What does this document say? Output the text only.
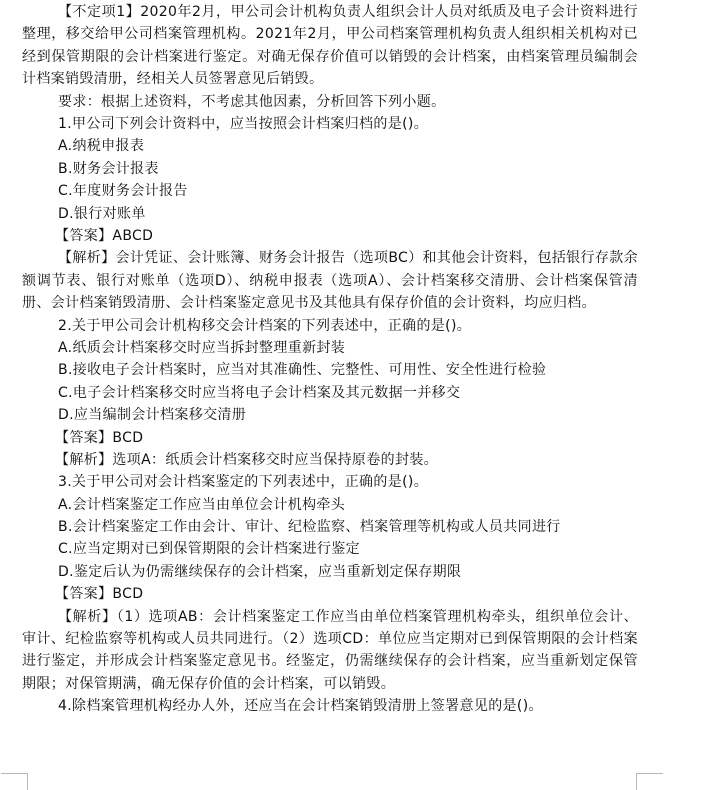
【不定项1】2020年2月，甲公司会计机构负责人组织会计人员对纸质及电子会计资料进行整理，移交给甲公司档案管理机构。2021年2月，甲公司档案管理机构负责人组织相关机构对已经到保管期限的会计档案进行鉴定。对确无保存价值可以销毁的会计档案，由档案管理员编制会计档案销毁清册，经相关人员签署意见后销毁。

要求：根据上述资料，不考虑其他因素，分析回答下列小题。
1.甲公司下列会计资料中，应当按照会计档案归档的是()。
A.纳税申报表
B.财务会计报表
C.年度财务会计报告
D.银行对账单
【答案】ABCD

【解析】会计凭证、会计账簿、财务会计报告（选项BC）和其他会计资料，包括银行存款余额调节表、银行对账单（选项D）、纳税申报表（选项A）、会计档案移交清册、会计档案保管清册、会计档案销毁清册、会计档案鉴定意见书及其他具有保存价值的会计资料，均应归档。

2.关于甲公司会计机构移交会计档案的下列表述中，正确的是()。
A.纸质会计档案移交时应当拆封整理重新封装
B.接收电子会计档案时，应当对其准确性、完整性、可用性、安全性进行检验
C.电子会计档案移交时应当将电子会计档案及其元数据一并移交
D.应当编制会计档案移交清册
【答案】BCD
【解析】选项A：纸质会计档案移交时应当保持原卷的封装。
3.关于甲公司对会计档案鉴定的下列表述中，正确的是()。
A.会计档案鉴定工作应当由单位会计机构牵头
B.会计档案鉴定工作由会计、审计、纪检监察、档案管理等机构或人员共同进行
C.应当定期对已到保管期限的会计档案进行鉴定
D.鉴定后认为仍需继续保存的会计档案，应当重新划定保存期限
【答案】BCD

【解析】（1）选项AB：会计档案鉴定工作应当由单位档案管理机构牵头，组织单位会计、审计、纪检监察等机构或人员共同进行。（2）选项CD：单位应当定期对已到保管期限的会计档案进行鉴定，并形成会计档案鉴定意见书。经鉴定，仍需继续保存的会计档案，应当重新划定保管期限；对保管期满，确无保存价值的会计档案，可以销毁。

4.除档案管理机构经办人外，还应当在会计档案销毁清册上签署意见的是()。
